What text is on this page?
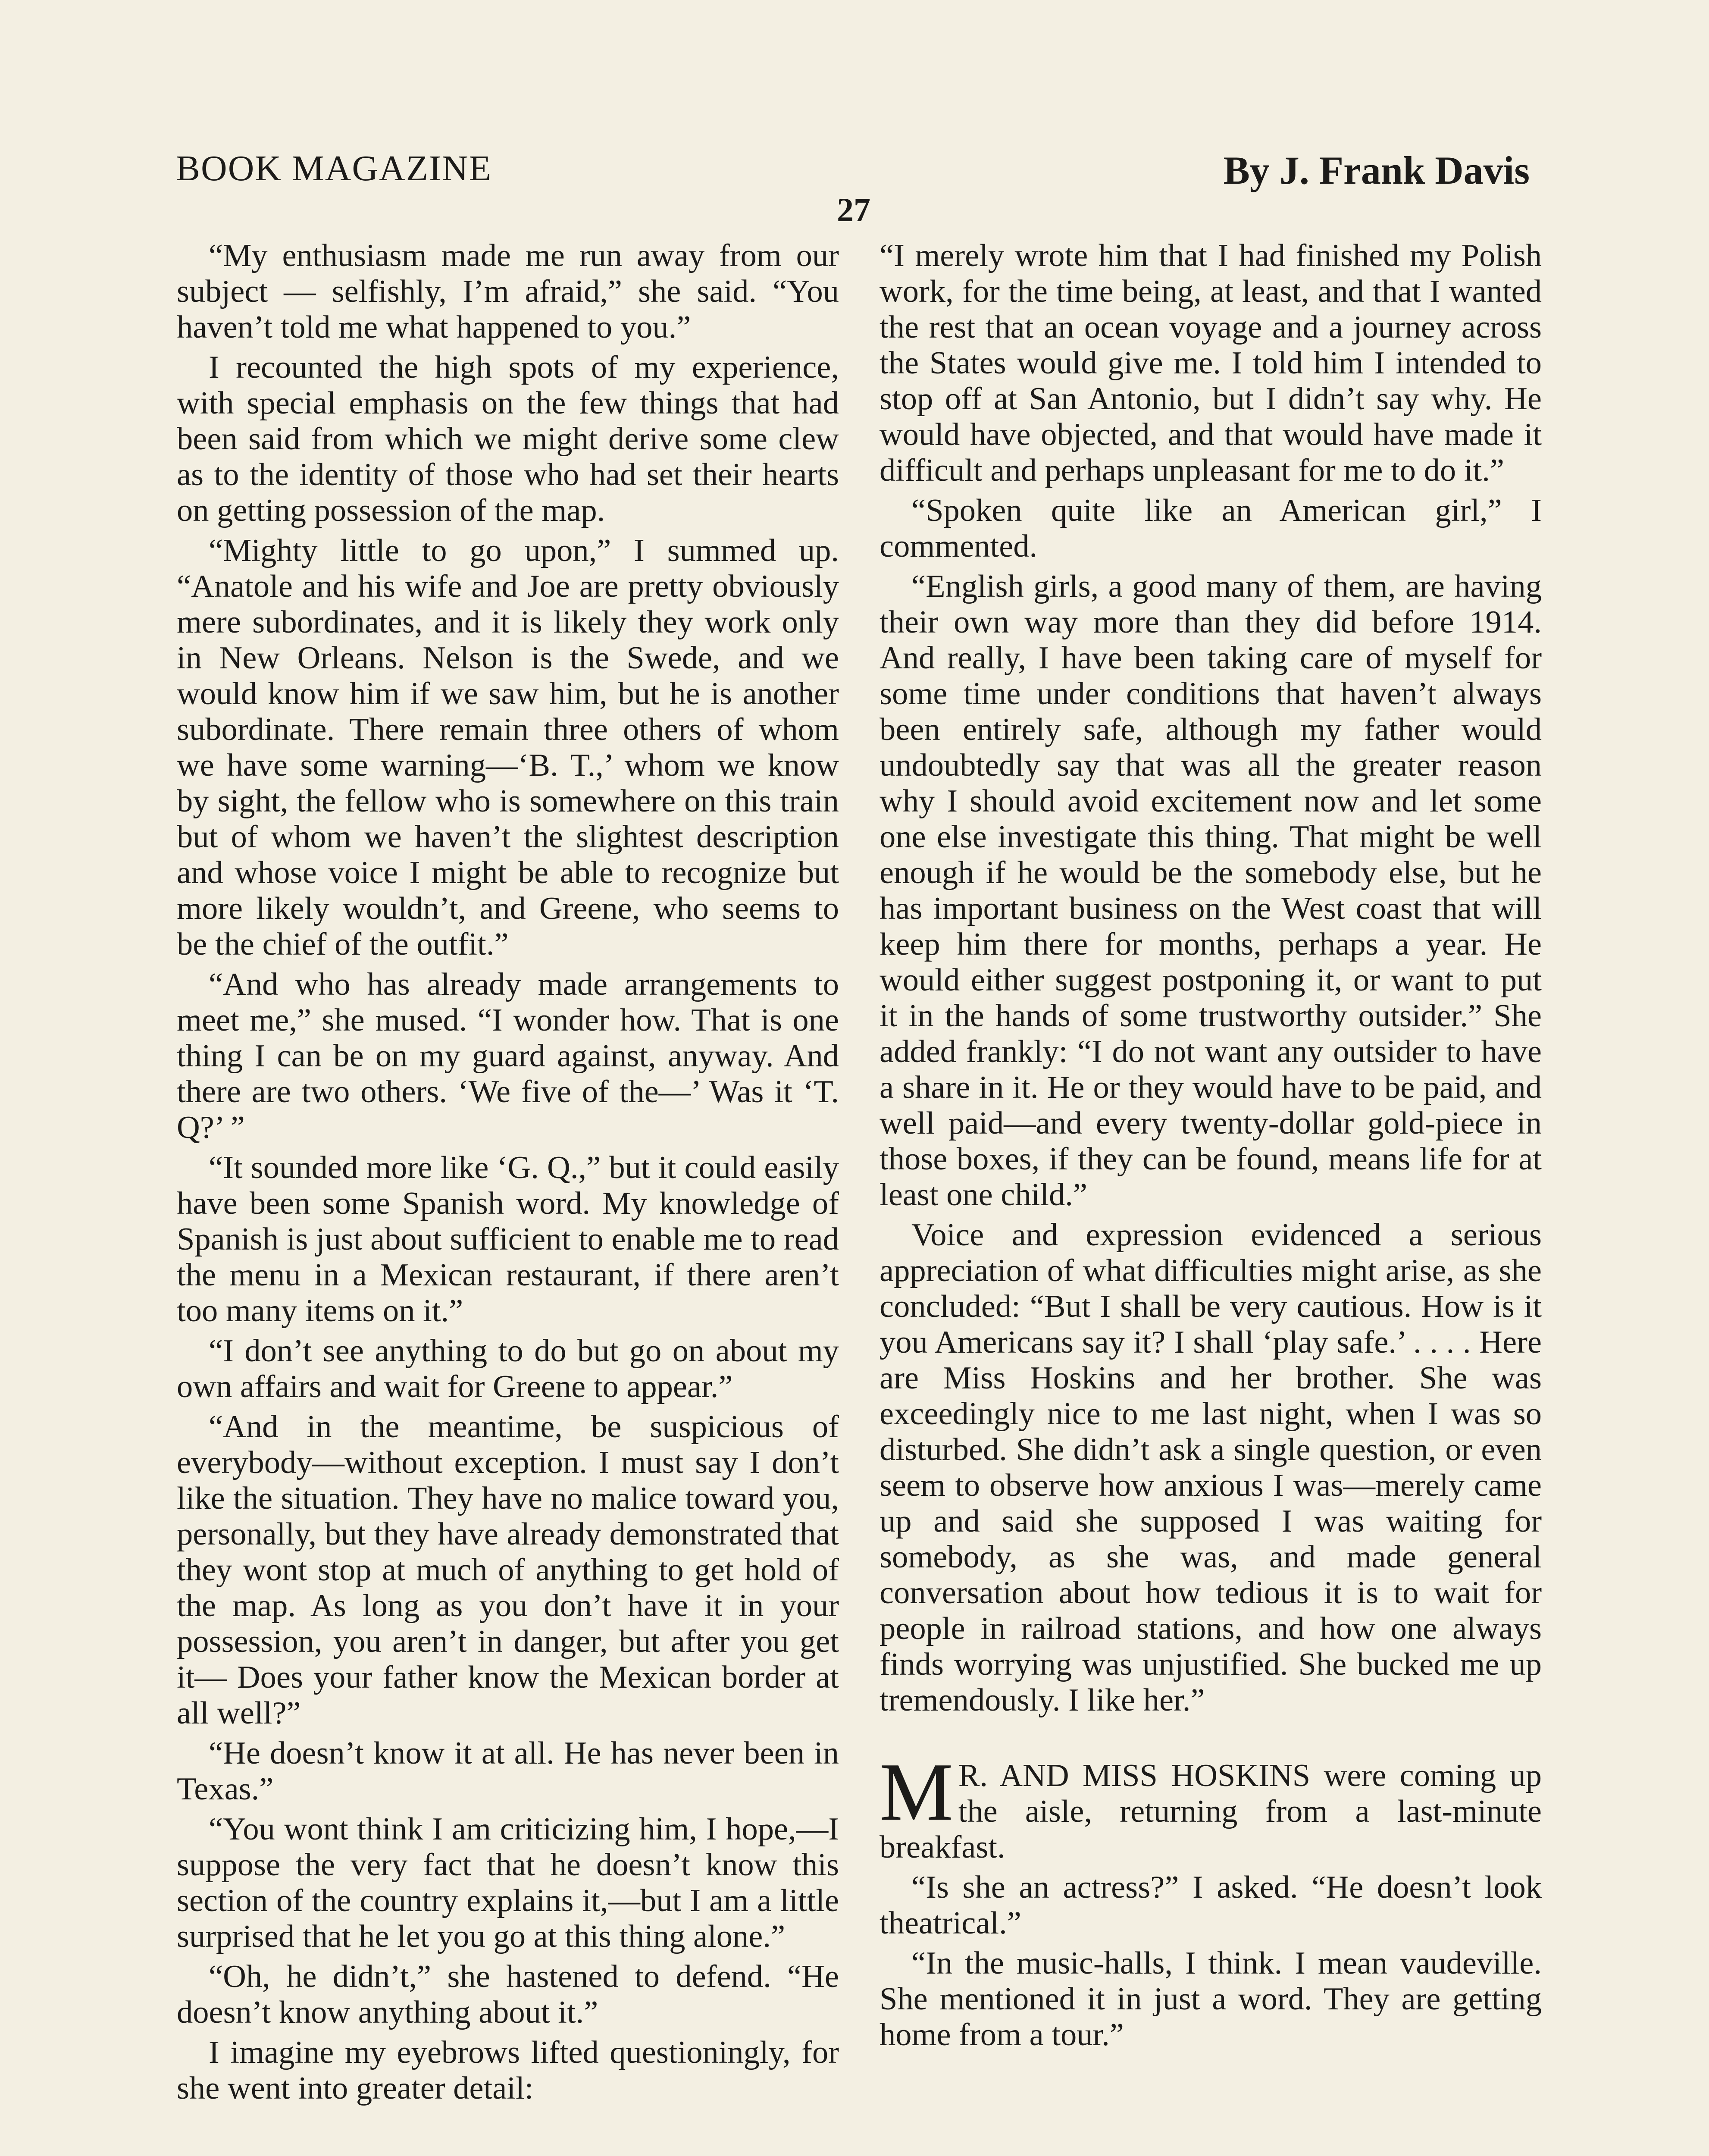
BOOK MAGAZINE	By J. Frank Davis
27

“My enthusiasm made me run away from our subject — selfishly, I’m afraid,” she said. “You haven’t told me what happened to you.”

I recounted the high spots of my experience, with special emphasis on the few things that had been said from which we might derive some clew as to the identity of those who had set their hearts on getting possession of the map.

“Mighty little to go upon,” I summed up. “Anatole and his wife and Joe are pretty obviously mere subordinates, and it is likely they work only in New Orleans. Nelson is the Swede, and we would know him if we saw him, but he is another subordinate. There remain three others of whom we have some warning—‘B. T.,’ whom we know by sight, the fellow who is somewhere on this train but of whom we haven’t the slightest description and whose voice I might be able to recognize but more likely wouldn’t, and Greene, who seems to be the chief of the outfit.”

“And who has already made arrangements to meet me,” she mused. “I wonder how. That is one thing I can be on my guard against, anyway. And there are two others. ‘We five of the—’ Was it ‘T. Q?’ ”

“It sounded more like ‘G. Q.,” but it could easily have been some Spanish word. My knowledge of Spanish is just about sufficient to enable me to read the menu in a Mexican restaurant, if there aren’t too many items on it.”

“I don’t see anything to do but go on about my own affairs and wait for Greene to appear.”

“And in the meantime, be suspicious of everybody—without exception. I must say I don’t like the situation. They have no malice toward you, personally, but they have already demonstrated that they wont stop at much of anything to get hold of the map. As long as you don’t have it in your possession, you aren’t in danger, but after you get it— Does your father know the Mexican border at all well?”

“He doesn’t know it at all. He has never been in Texas.”

“You wont think I am criticizing him, I hope,—I suppose the very fact that he doesn’t know this section of the country explains it,—but I am a little surprised that he let you go at this thing alone.”

“Oh, he didn’t,” she hastened to defend. “He doesn’t know anything about it.”

I imagine my eyebrows lifted questioningly, for she went into greater detail:

“I merely wrote him that I had finished my Polish work, for the time being, at least, and that I wanted the rest that an ocean voyage and a journey across the States would give me. I told him I intended to stop off at San Antonio, but I didn’t say why. He would have objected, and that would have made it difficult and perhaps unpleasant for me to do it.”

“Spoken quite like an American girl,” I commented.

“English girls, a good many of them, are having their own way more than they did before 1914. And really, I have been taking care of myself for some time under conditions that haven’t always been entirely safe, although my father would undoubtedly say that was all the greater reason why I should avoid excitement now and let some one else investigate this thing. That might be well enough if he would be the somebody else, but he has important business on the West coast that will keep him there for months, perhaps a year. He would either suggest postponing it, or want to put it in the hands of some trustworthy outsider.” She added frankly: “I do not want any outsider to have a share in it. He or they would have to be paid, and well paid—and every twenty-dollar gold-piece in those boxes, if they can be found, means life for at least one child.”

Voice and expression evidenced a serious appreciation of what difficulties might arise, as she concluded: “But I shall be very cautious. How is it you Americans say it? I shall ‘play safe.’ . . . . Here are Miss Hoskins and her brother. She was exceedingly nice to me last night, when I was so disturbed. She didn’t ask a single question, or even seem to observe how anxious I was—merely came up and said she supposed I was waiting for somebody, as she was, and made general conversation about how tedious it is to wait for people in railroad stations, and how one always finds worrying was unjustified. She bucked me up tremendously. I like her.”

M R. AND MISS HOSKINS were coming up the aisle, returning from a last-minute breakfast.

“Is she an actress?” I asked. “He doesn’t look theatrical.”

“In the music-halls, I think. I mean vaudeville. She mentioned it in just a word. They are getting home from a tour.”
